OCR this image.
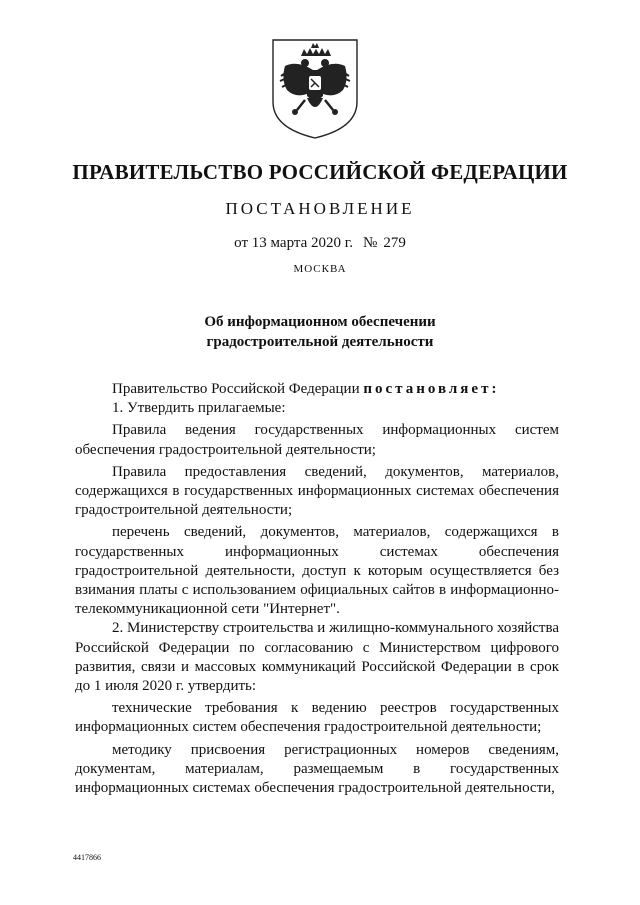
ПРАВИТЕЛЬСТВО РОССИЙСКОЙ ФЕДЕРАЦИИ
ПОСТАНОВЛЕНИЕ
от 13 марта 2020 г. № 279
МОСКВА
Об информационном обеспечении
градостроительной деятельности

Правительство Российской Федерации постановляет:

1. Утвердить прилагаемые:

Правила ведения государственных информационных систем обеспечения градостроительной деятельности;

Правила предоставления сведений, документов, материалов, содержащихся в государственных информационных системах обеспечения градостроительной деятельности;

перечень сведений, документов, материалов, содержащихся в государственных информационных системах обеспечения градостроительной деятельности, доступ к которым осуществляется без взимания платы с использованием официальных сайтов в информационно-телекоммуникационной сети "Интернет".

2. Министерству строительства и жилищно-коммунального хозяйства Российской Федерации по согласованию с Министерством цифрового развития, связи и массовых коммуникаций Российской Федерации в срок до 1 июля 2020 г. утвердить:

технические требования к ведению реестров государственных информационных систем обеспечения градостроительной деятельности;

методику присвоения регистрационных номеров сведениям, документам, материалам, размещаемым в государственных информационных системах обеспечения градостроительной деятельности,

4417866
